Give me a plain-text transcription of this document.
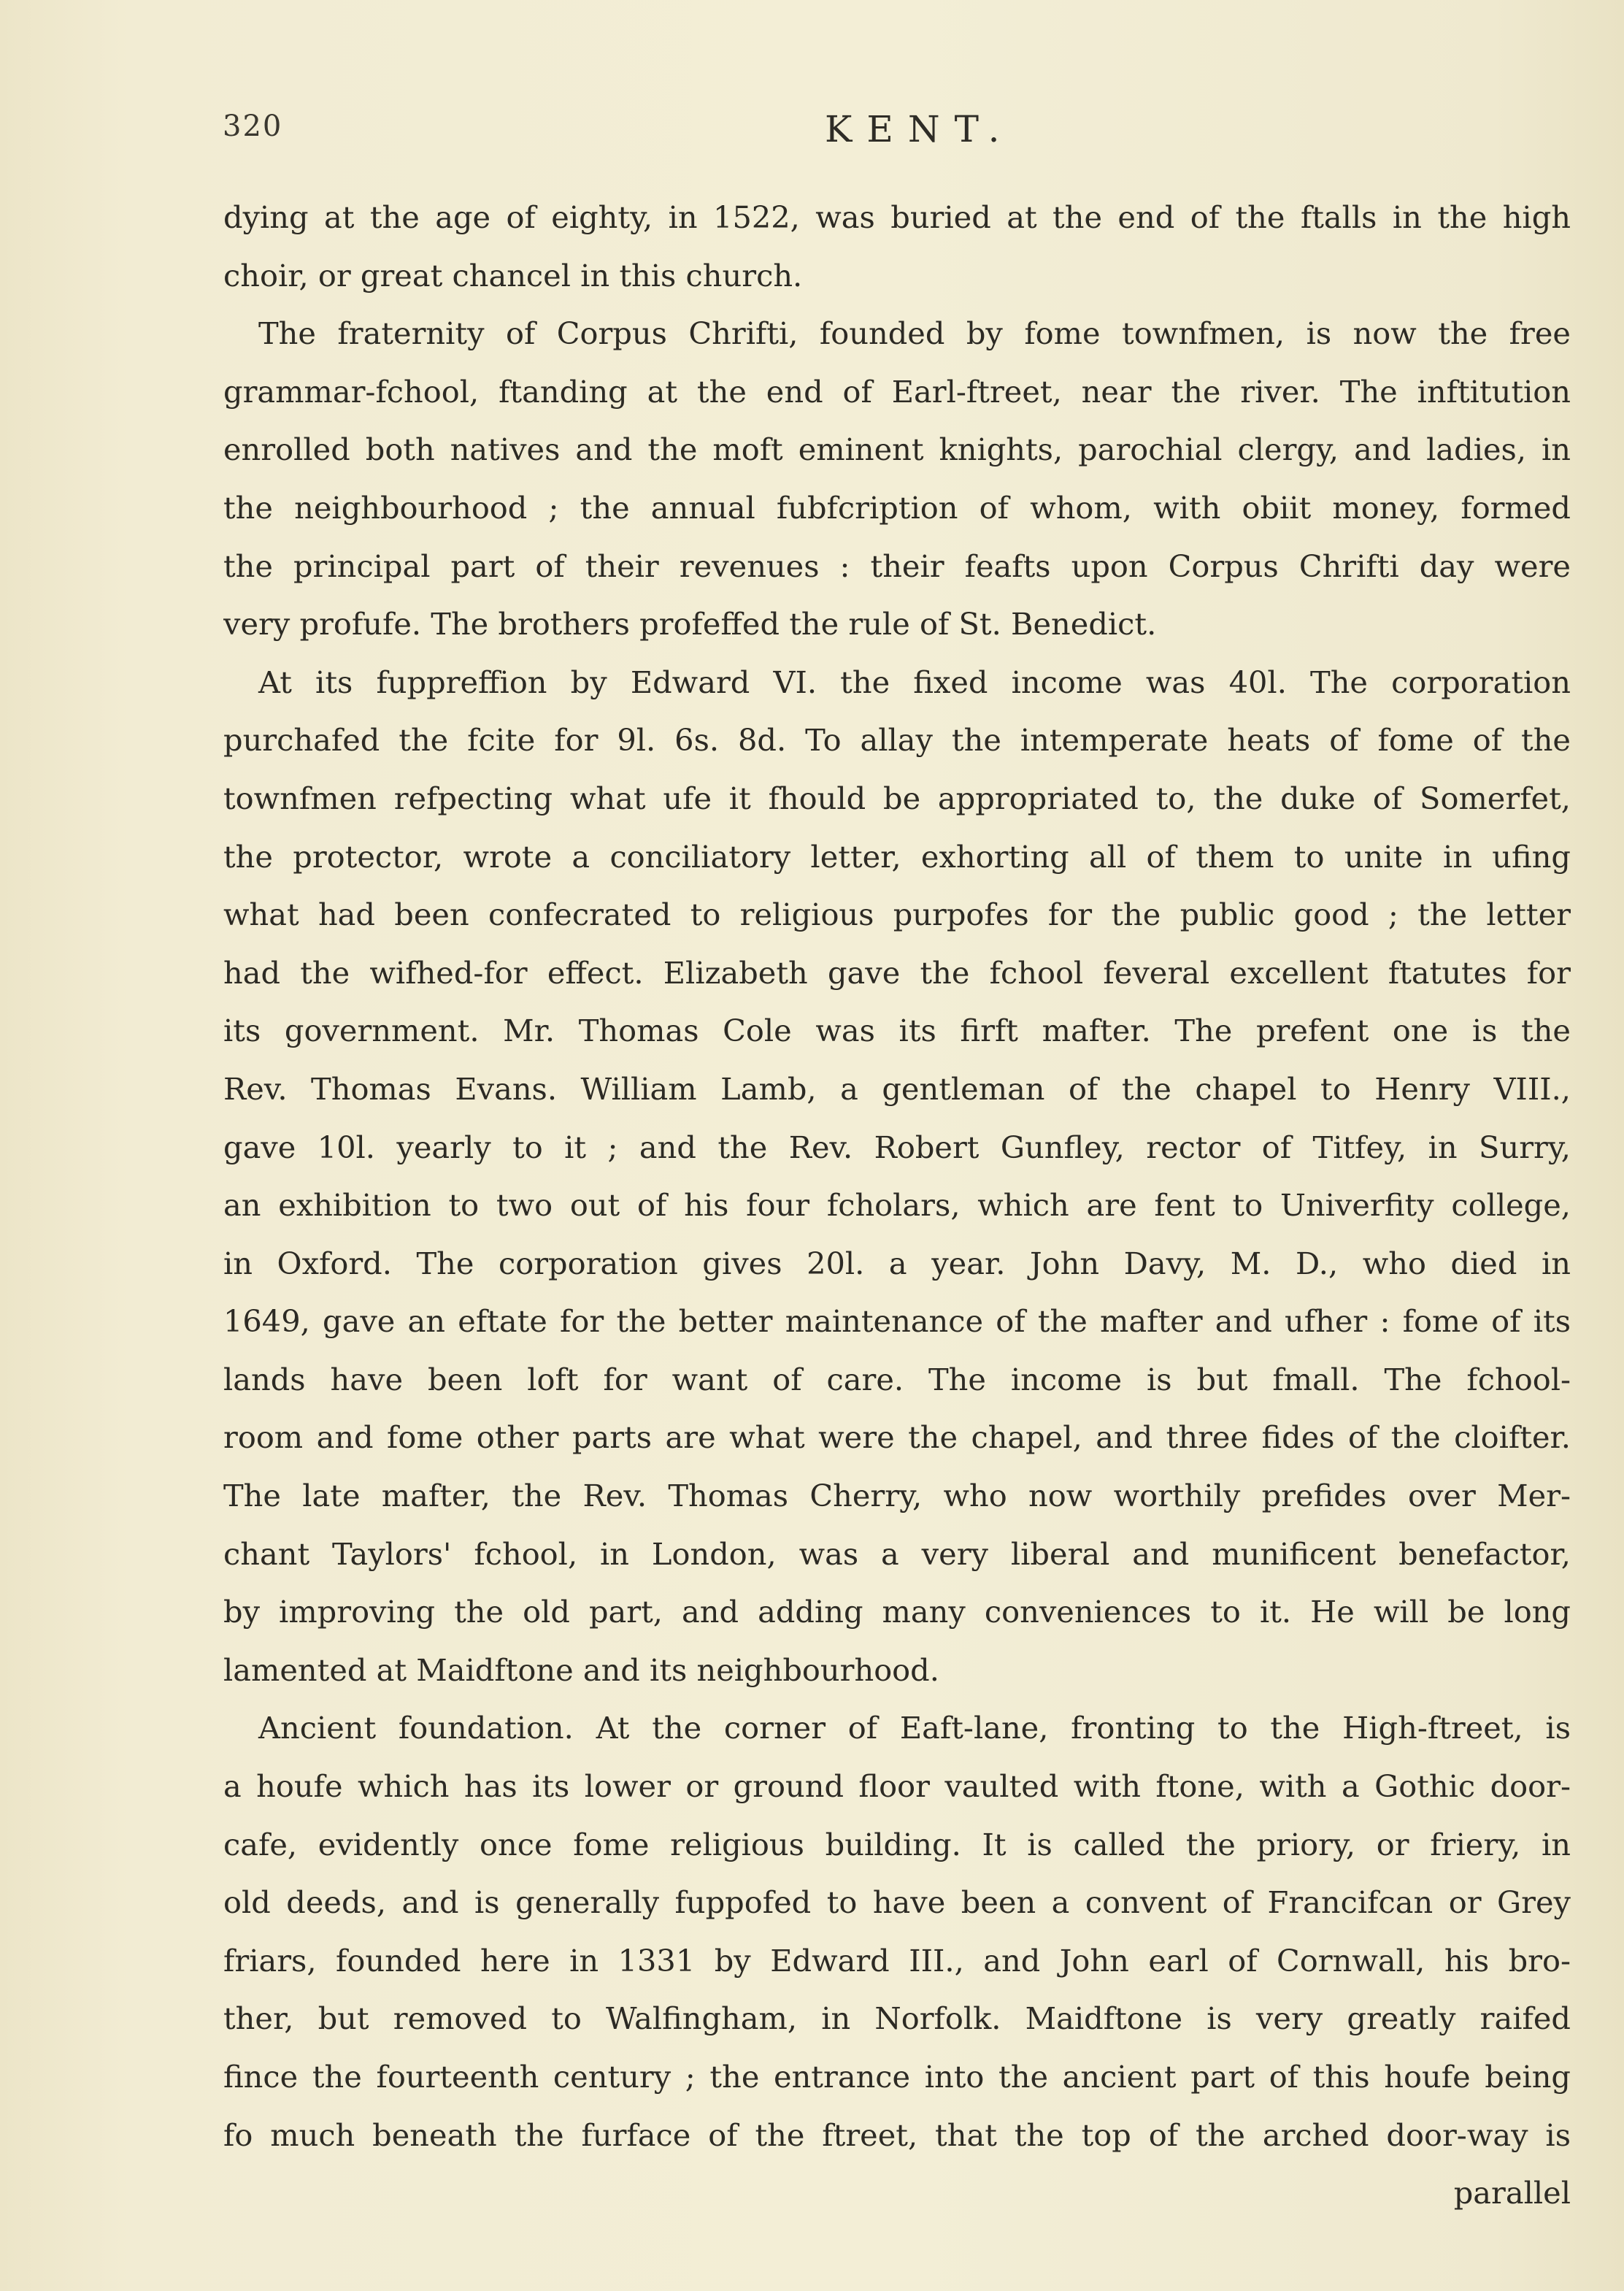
320	KENT.
dying at the age of eighty, in 1522, was buried at the end of the ftalls in the high
choir, or great chancel in this church.
The fraternity of Corpus Chrifti, founded by fome townfmen, is now the free
grammar-fchool, ftanding at the end of Earl-ftreet, near the river. The inftitution
enrolled both natives and the moft eminent knights, parochial clergy, and ladies, in
the neighbourhood ; the annual fubfcription of whom, with obiit money, formed
the principal part of their revenues : their feafts upon Corpus Chrifti day were
very profufe. The brothers profeffed the rule of St. Benedict.
At its fuppreffion by Edward VI. the fixed income was 40l. The corporation
purchafed the fcite for 9l. 6s. 8d. To allay the intemperate heats of fome of the
townfmen refpecting what ufe it fhould be appropriated to, the duke of Somerfet,
the protector, wrote a conciliatory letter, exhorting all of them to unite in ufing
what had been confecrated to religious purpofes for the public good ; the letter
had the wifhed-for effect. Elizabeth gave the fchool feveral excellent ftatutes for
its government. Mr. Thomas Cole was its firft mafter. The prefent one is the
Rev. Thomas Evans. William Lamb, a gentleman of the chapel to Henry VIII.,
gave 10l. yearly to it ; and the Rev. Robert Gunfley, rector of Titfey, in Surry,
an exhibition to two out of his four fcholars, which are fent to Univerfity college,
in Oxford. The corporation gives 20l. a year. John Davy, M. D., who died in
1649, gave an eftate for the better maintenance of the mafter and ufher : fome of its
lands have been loft for want of care. The income is but fmall. The fchool-
room and fome other parts are what were the chapel, and three fides of the cloifter.
The late mafter, the Rev. Thomas Cherry, who now worthily prefides over Mer-
chant Taylors' fchool, in London, was a very liberal and munificent benefactor,
by improving the old part, and adding many conveniences to it. He will be long
lamented at Maidftone and its neighbourhood.
Ancient foundation. At the corner of Eaft-lane, fronting to the High-ftreet, is
a houfe which has its lower or ground floor vaulted with ftone, with a Gothic door-
cafe, evidently once fome religious building. It is called the priory, or friery, in
old deeds, and is generally fuppofed to have been a convent of Francifcan or Grey
friars, founded here in 1331 by Edward III., and John earl of Cornwall, his bro-
ther, but removed to Walfingham, in Norfolk. Maidftone is very greatly raifed
fince the fourteenth century ; the entrance into the ancient part of this houfe being
fo much beneath the furface of the ftreet, that the top of the arched door-way is
parallel
